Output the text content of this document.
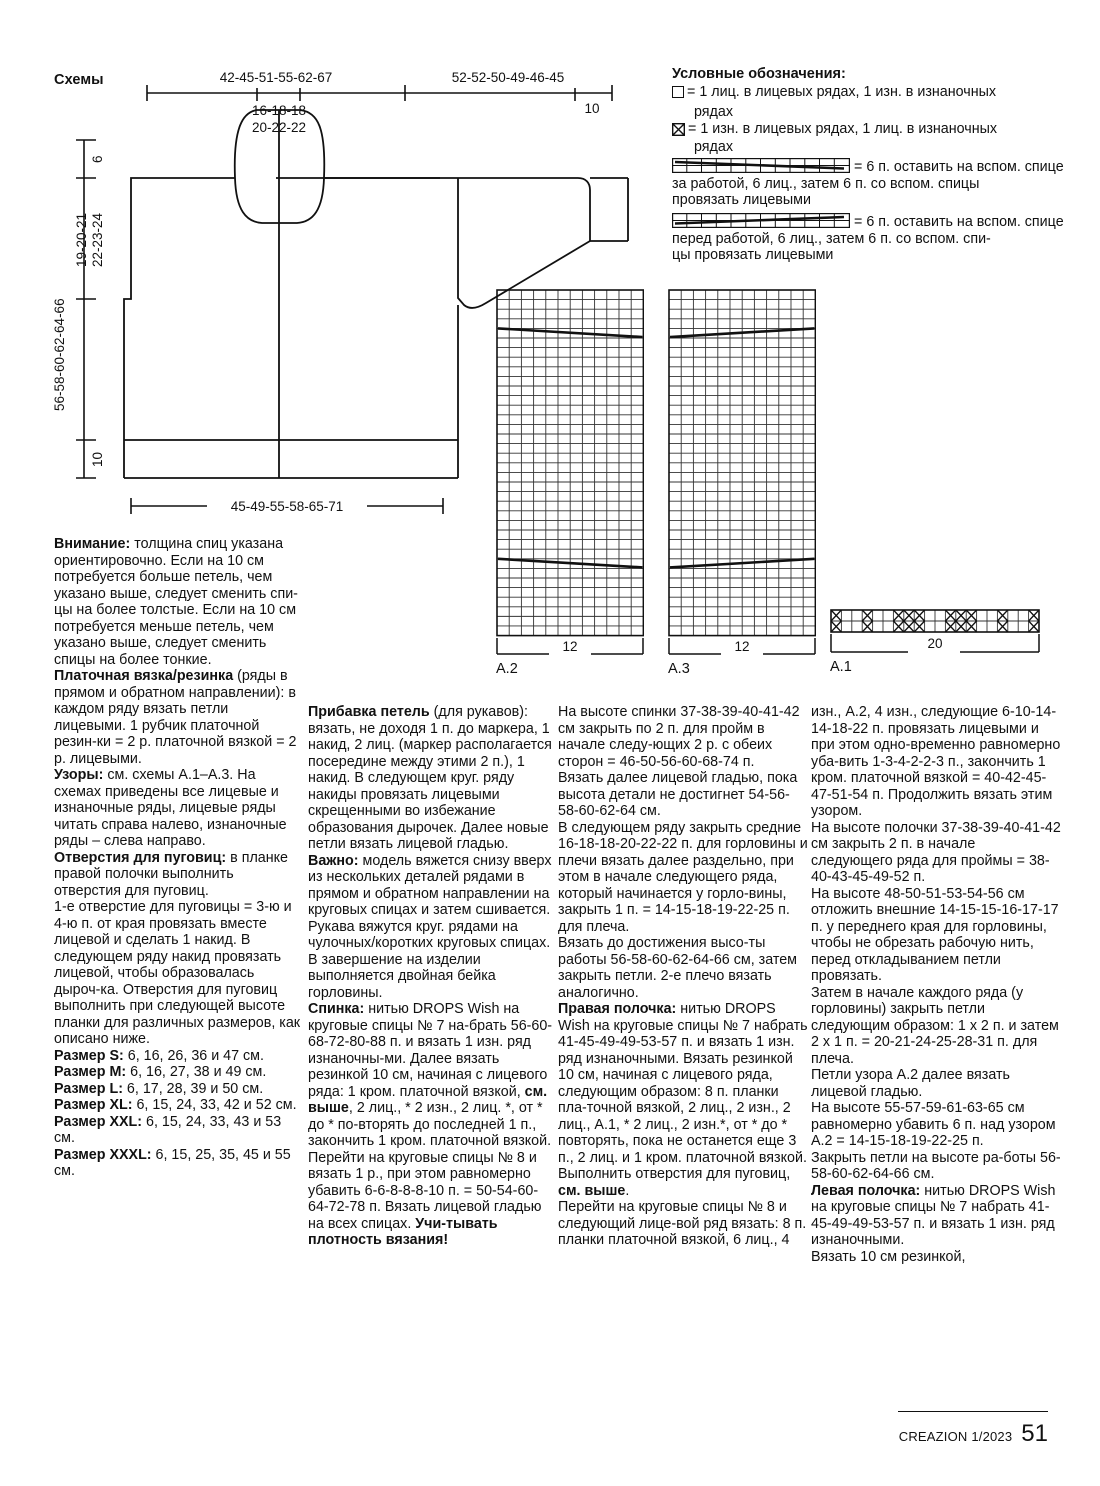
Схемы	42-45-51-55-62-67	52-52-50-49-46-45
16-18-18
20-22-22
10
6
19-20-21 22-23-24
56-58-60-62-64-66
10
45-49-55-58-65-71
Условные обозначения:
= 1 лиц. в лицевых рядах, 1 изн. в изнаночных
рядах
= 1 изн. в лицевых рядах, 1 лиц. в изнаночных
рядах
= 6 п. оставить на вспом. спице
за работой, 6 лиц., затем 6 п. со вспом. спицы
провязать лицевыми
= 6 п. оставить на вспом. спице
перед работой, 6 лиц., затем 6 п. со вспом. спи-
цы провязать лицевыми
12
A.2
12
A.3
20
A.1

Внимание: толщина спиц указана ориентировочно. Если на 10 см потребуется больше петель, чем указано выше, следует сменить спи-цы на более толстые. Если на 10 см потребуется меньше петель, чем указано выше, следует сменить спицы на более тонкие.

Платочная вязка/резинка (ряды в прямом и обратном направлении): в каждом ряду вязать петли лицевыми. 1 рубчик платочной резин-ки = 2 р. платочной вязкой = 2 р. лицевыми.

Узоры: см. схемы A.1–A.3. На схемах приведены все лицевые и изнаночные ряды, лицевые ряды читать справа налево, изнаночные ряды – слева направо.

Отверстия для пуговиц: в планке правой полочки выполнить отверстия для пуговиц.

1-е отверстие для пуговицы = 3-ю и 4-ю п. от края провязать вместе лицевой и сделать 1 накид. В следующем ряду накид провязать лицевой, чтобы образовалась дыроч-ка. Отверстия для пуговиц выполнить при следующей высоте планки для различных размеров, как описано ниже.

Размер S: 6, 16, 26, 36 и 47 см.

Размер M: 6, 16, 27, 38 и 49 см.

Размер L: 6, 17, 28, 39 и 50 см.

Размер XL: 6, 15, 24, 33, 42 и 52 см.

Размер XXL: 6, 15, 24, 33, 43 и 53 см.

Размер XXXL: 6, 15, 25, 35, 45 и 55 см.

Прибавка петель (для рукавов): вязать, не доходя 1 п. до маркера, 1 накид, 2 лиц. (маркер располагается посередине между этими 2 п.), 1 накид. В следующем круг. ряду накиды провязать лицевыми скрещенными во избежание образования дырочек. Далее новые петли вязать лицевой гладью.

Важно: модель вяжется снизу вверх из нескольких деталей рядами в прямом и обратном направлении на круговых спицах и затем сшивается. Рукава вяжутся круг. рядами на чулочных/коротких круговых спицах. В завершение на изделии выполняется двойная бейка горловины.

Спинка: нитью DROPS Wish на круговые спицы № 7 на-брать 56-60-68-72-80-88 п. и вязать 1 изн. ряд изнаночны-ми. Далее вязать резинкой 10 см, начиная с лицевого ряда: 1 кром. платочной вязкой, см. выше, 2 лиц., * 2 изн., 2 лиц. *, от * до * по-вторять до последней 1 п., закончить 1 кром. платочной вязкой. Перейти на круговые спицы № 8 и вязать 1 р., при этом равномерно убавить 6-6-8-8-8-10 п. = 50-54-60-64-72-78 п. Вязать лицевой гладью на всех спицах. Учи-тывать плотность вязания!

На высоте спинки 37-38-39-40-41-42 см закрыть по 2 п. для пройм в начале следу-ющих 2 р. с обеих сторон = 46-50-56-60-68-74 п.

Вязать далее лицевой гладью, пока высота детали не достигнет 54-56-58-60-62-64 см.

В следующем ряду закрыть средние 16-18-18-20-22-22 п. для горловины и плечи вязать далее раздельно, при этом в начале следующего ряда, который начинается у горло-вины, закрыть 1 п. = 14-15-18-19-22-25 п. для плеча.

Вязать до достижения высо-ты работы 56-58-60-62-64-66 см, затем закрыть петли. 2-е плечо вязать аналогично.

Правая полочка: нитью DROPS Wish на круговые спицы № 7 набрать 41-45-49-49-53-57 п. и вязать 1 изн. ряд изнаночными. Вязать резинкой 10 см, начиная с лицевого ряда, следующим образом: 8 п. планки пла-точной вязкой, 2 лиц., 2 изн., 2 лиц., A.1, * 2 лиц., 2 изн.*, от * до * повторять, пока не останется еще 3 п., 2 лиц. и 1 кром. платочной вязкой. Выполнить отверстия для пуговиц, см. выше.

Перейти на круговые спицы № 8 и следующий лице-вой ряд вязать: 8 п. планки платочной вязкой, 6 лиц., 4

изн., A.2, 4 изн., следующие 6-10-14-14-18-22 п. провязать лицевыми и при этом одно-временно равномерно уба-вить 1-3-4-2-2-3 п., закончить 1 кром. платочной вязкой = 40-42-45-47-51-54 п. Продолжить вязать этим узором.

На высоте полочки 37-38-39-40-41-42 см закрыть 2 п. в начале следующего ряда для проймы = 38-40-43-45-49-52 п.

На высоте 48-50-51-53-54-56 см отложить внешние 14-15-15-16-17-17 п. у переднего края для горловины, чтобы не обрезать рабочую нить, перед откладыванием петли провязать.

Затем в начале каждого ряда (у горловины) закрыть петли следующим образом: 1 x 2 п. и затем 2 x 1 п. = 20-21-24-25-28-31 п. для плеча.

Петли узора A.2 далее вязать лицевой гладью.

На высоте 55-57-59-61-63-65 см равномерно убавить 6 п. над узором A.2 = 14-15-18-19-22-25 п.

Закрыть петли на высоте ра-боты 56-58-60-62-64-66 см.

Левая полочка: нитью DROPS Wish на круговые спицы № 7 набрать 41-45-49-49-53-57 п. и вязать 1 изн. ряд изнаночными.

Вязать 10 см резинкой,

CREAZION 1/2023 51
